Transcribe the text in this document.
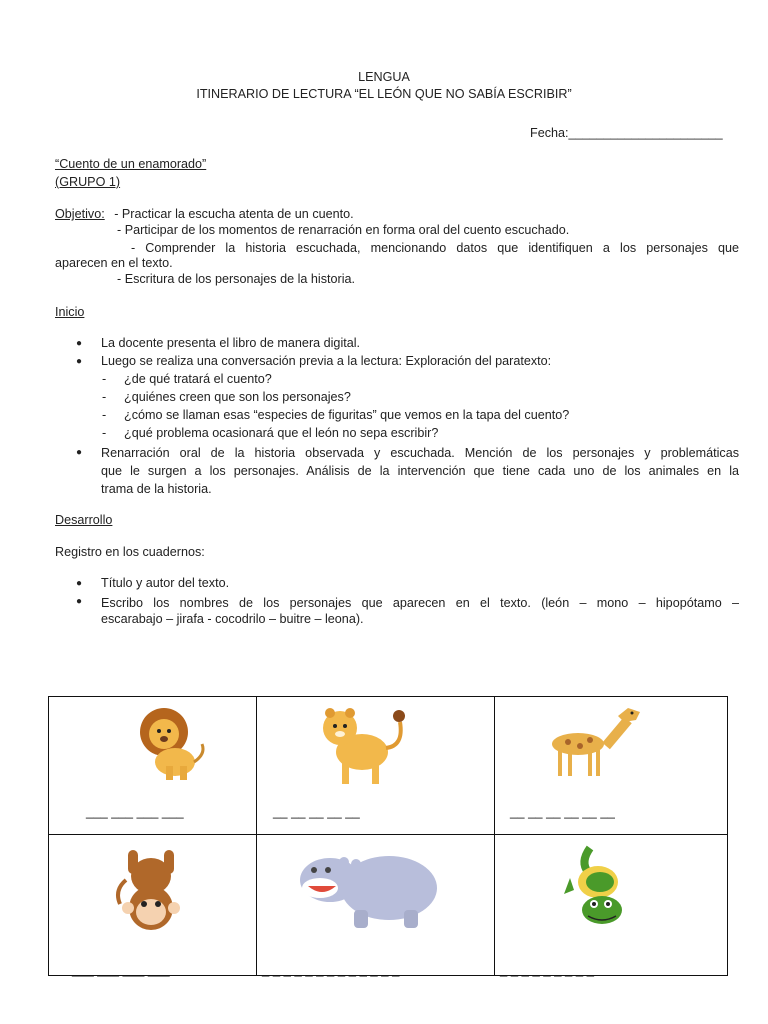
LENGUA
ITINERARIO DE LECTURA “EL LEÓN QUE NO SABÍA ESCRIBIR”
Fecha:______________________
“Cuento de un enamorado”
(GRUPO 1)
Objetivo: - Practicar la escucha atenta de un cuento.
- Participar de los momentos de renarración en forma oral del cuento escuchado.
- Comprender la historia escuchada, mencionando datos que identifiquen a los personajes que
aparecen en el texto.
- Escritura de los personajes de la historia.
Inicio
● La docente presenta el libro de manera digital.
● Luego se realiza una conversación previa a la lectura: Exploración del paratexto:
- ¿de qué tratará el cuento?
- ¿quiénes creen que son los personajes?
- ¿cómo se llaman esas “especies de figuritas” que vemos en la tapa del cuento?
- ¿qué problema ocasionará que el león no sepa escribir?
● Renarración oral de la historia observada y escuchada. Mención de los personajes y problemáticas
que le surgen a los personajes. Análisis de la intervención que tiene cada uno de los animales en la
trama de la historia.
Desarrollo
Registro en los cuadernos:
● Título y autor del texto.
● Escribo los nombres de los personajes que aparecen en el texto. (león – mono – hipopótamo –
escarabajo – jirafa - cocodrilo – buitre – leona).
___ ___ ___ ___	__ __ __ __ __	__ __ __ __ __ __
___ ___ ___ ___	_ _ _ _ _ _ _ _ _ _ _ _ _	_ _ _ _ _ _ _ _ _
